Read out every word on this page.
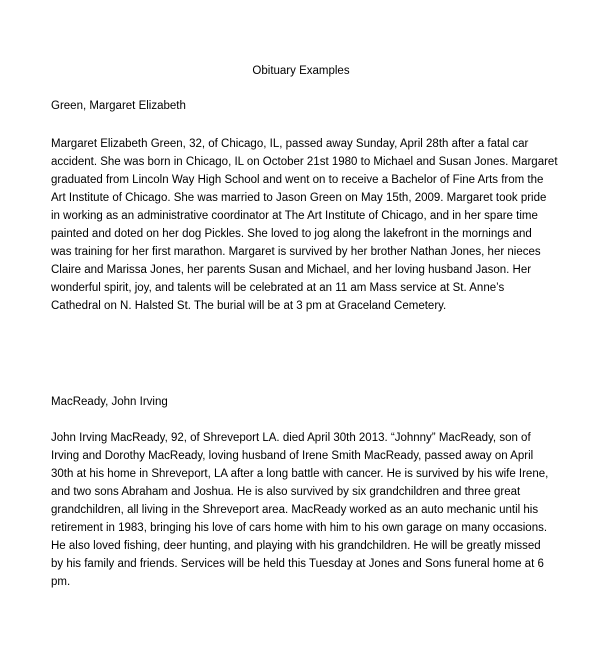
Obituary Examples
Green, Margaret Elizabeth
Margaret Elizabeth Green, 32, of Chicago, IL, passed away Sunday, April 28th after a fatal car
accident. She was born in Chicago, IL on October 21st 1980 to Michael and Susan Jones. Margaret
graduated from Lincoln Way High School and went on to receive a Bachelor of Fine Arts from the
Art Institute of Chicago. She was married to Jason Green on May 15th, 2009. Margaret took pride
in working as an administrative coordinator at The Art Institute of Chicago, and in her spare time
painted and doted on her dog Pickles. She loved to jog along the lakefront in the mornings and
was training for her first marathon. Margaret is survived by her brother Nathan Jones, her nieces
Claire and Marissa Jones, her parents Susan and Michael, and her loving husband Jason. Her
wonderful spirit, joy, and talents will be celebrated at an 11 am Mass service at St. Anne’s
Cathedral on N. Halsted St. The burial will be at 3 pm at Graceland Cemetery.
MacReady, John Irving
John Irving MacReady, 92, of Shreveport LA. died April 30th 2013. “Johnny” MacReady, son of
Irving and Dorothy MacReady, loving husband of Irene Smith MacReady, passed away on April
30th at his home in Shreveport, LA after a long battle with cancer. He is survived by his wife Irene,
and two sons Abraham and Joshua. He is also survived by six grandchildren and three great
grandchildren, all living in the Shreveport area. MacReady worked as an auto mechanic until his
retirement in 1983, bringing his love of cars home with him to his own garage on many occasions.
He also loved fishing, deer hunting, and playing with his grandchildren. He will be greatly missed
by his family and friends. Services will be held this Tuesday at Jones and Sons funeral home at 6
pm.
